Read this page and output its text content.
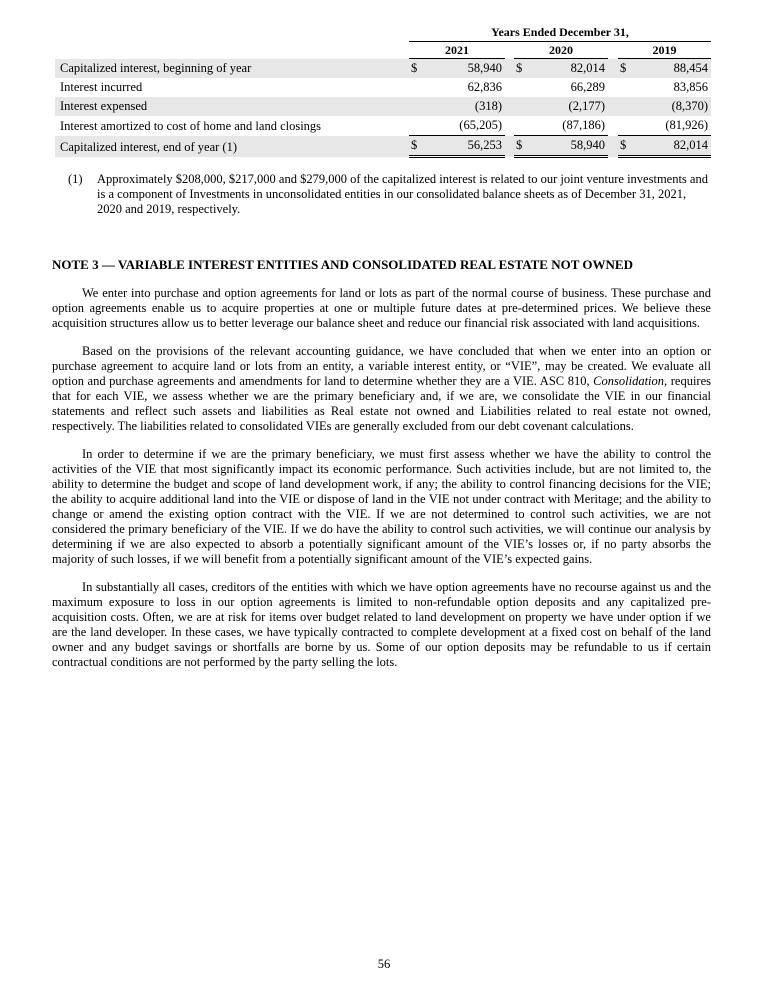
	Years Ended December 31,							
	2021			2020			2019	
Capitalized interest, beginning of year	$	58,940		$	82,014		$	88,454
Interest incurred		62,836			66,289			83,856
Interest expensed		(318)			(2,177)			(8,370)
Interest amortized to cost of home and land closings		(65,205)			(87,186)			(81,926)
Capitalized interest, end of year (1)	$	56,253		$	58,940		$	82,014
(1)	Approximately $208,000, $217,000 and $279,000 of the capitalized interest is related to our joint venture investments and is a component of Investments in unconsolidated entities in our consolidated balance sheets as of December 31, 2021, 2020 and 2019, respectively.
NOTE 3 — VARIABLE INTEREST ENTITIES AND CONSOLIDATED REAL ESTATE NOT OWNED

We enter into purchase and option agreements for land or lots as part of the normal course of business. These purchase and option agreements enable us to acquire properties at one or multiple future dates at pre-determined prices. We believe these acquisition structures allow us to better leverage our balance sheet and reduce our financial risk associated with land acquisitions.

Based on the provisions of the relevant accounting guidance, we have concluded that when we enter into an option or purchase agreement to acquire land or lots from an entity, a variable interest entity, or “VIE”, may be created. We evaluate all option and purchase agreements and amendments for land to determine whether they are a VIE. ASC 810, Consolidation, requires that for each VIE, we assess whether we are the primary beneficiary and, if we are, we consolidate the VIE in our financial statements and reflect such assets and liabilities as Real estate not owned and Liabilities related to real estate not owned, respectively. The liabilities related to consolidated VIEs are generally excluded from our debt covenant calculations.

In order to determine if we are the primary beneficiary, we must first assess whether we have the ability to control the activities of the VIE that most significantly impact its economic performance. Such activities include, but are not limited to, the ability to determine the budget and scope of land development work, if any; the ability to control financing decisions for the VIE; the ability to acquire additional land into the VIE or dispose of land in the VIE not under contract with Meritage; and the ability to change or amend the existing option contract with the VIE. If we are not determined to control such activities, we are not considered the primary beneficiary of the VIE. If we do have the ability to control such activities, we will continue our analysis by determining if we are also expected to absorb a potentially significant amount of the VIE’s losses or, if no party absorbs the majority of such losses, if we will benefit from a potentially significant amount of the VIE’s expected gains.

In substantially all cases, creditors of the entities with which we have option agreements have no recourse against us and the maximum exposure to loss in our option agreements is limited to non-refundable option deposits and any capitalized pre-acquisition costs. Often, we are at risk for items over budget related to land development on property we have under option if we are the land developer. In these cases, we have typically contracted to complete development at a fixed cost on behalf of the land owner and any budget savings or shortfalls are borne by us. Some of our option deposits may be refundable to us if certain contractual conditions are not performed by the party selling the lots.

56
